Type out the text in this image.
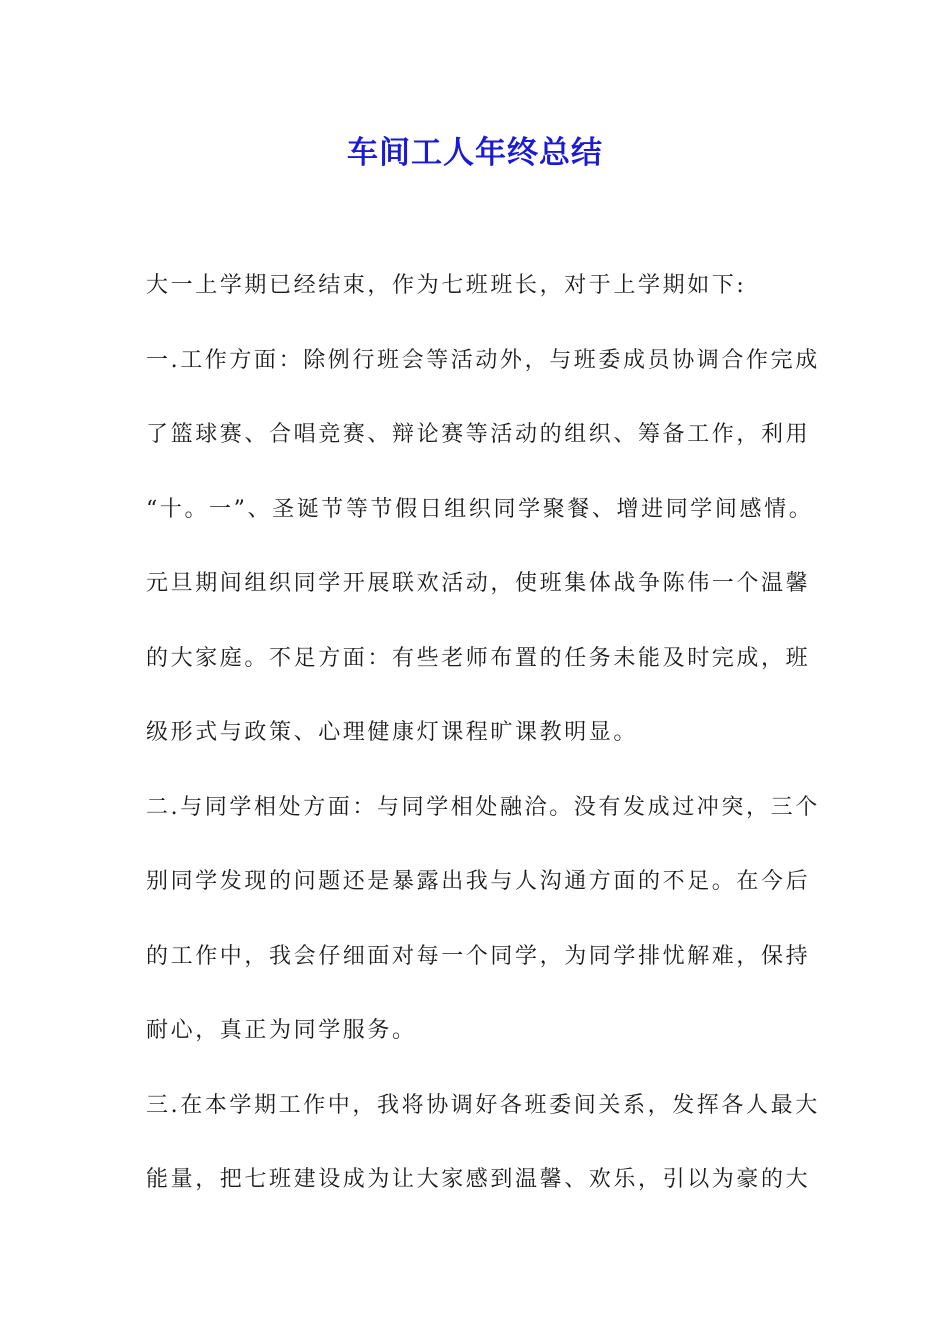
车间工人年终总结
大一上学期已经结束，作为七班班长，对于上学期如下:
一.工作方面：除例行班会等活动外，与班委成员协调合作完成
了篮球赛、合唱竞赛、辩论赛等活动的组织、筹备工作，利用
“十。一”、圣诞节等节假日组织同学聚餐、增进同学间感情。
元旦期间组织同学开展联欢活动，使班集体战争陈伟一个温馨
的大家庭。不足方面：有些老师布置的任务未能及时完成，班
级形式与政策、心理健康灯课程旷课教明显。
二.与同学相处方面：与同学相处融洽。没有发成过冲突，三个
别同学发现的问题还是暴露出我与人沟通方面的不足。在今后
的工作中，我会仔细面对每一个同学，为同学排忧解难，保持
耐心，真正为同学服务。
三.在本学期工作中，我将协调好各班委间关系，发挥各人最大
能量，把七班建设成为让大家感到温馨、欢乐，引以为豪的大
